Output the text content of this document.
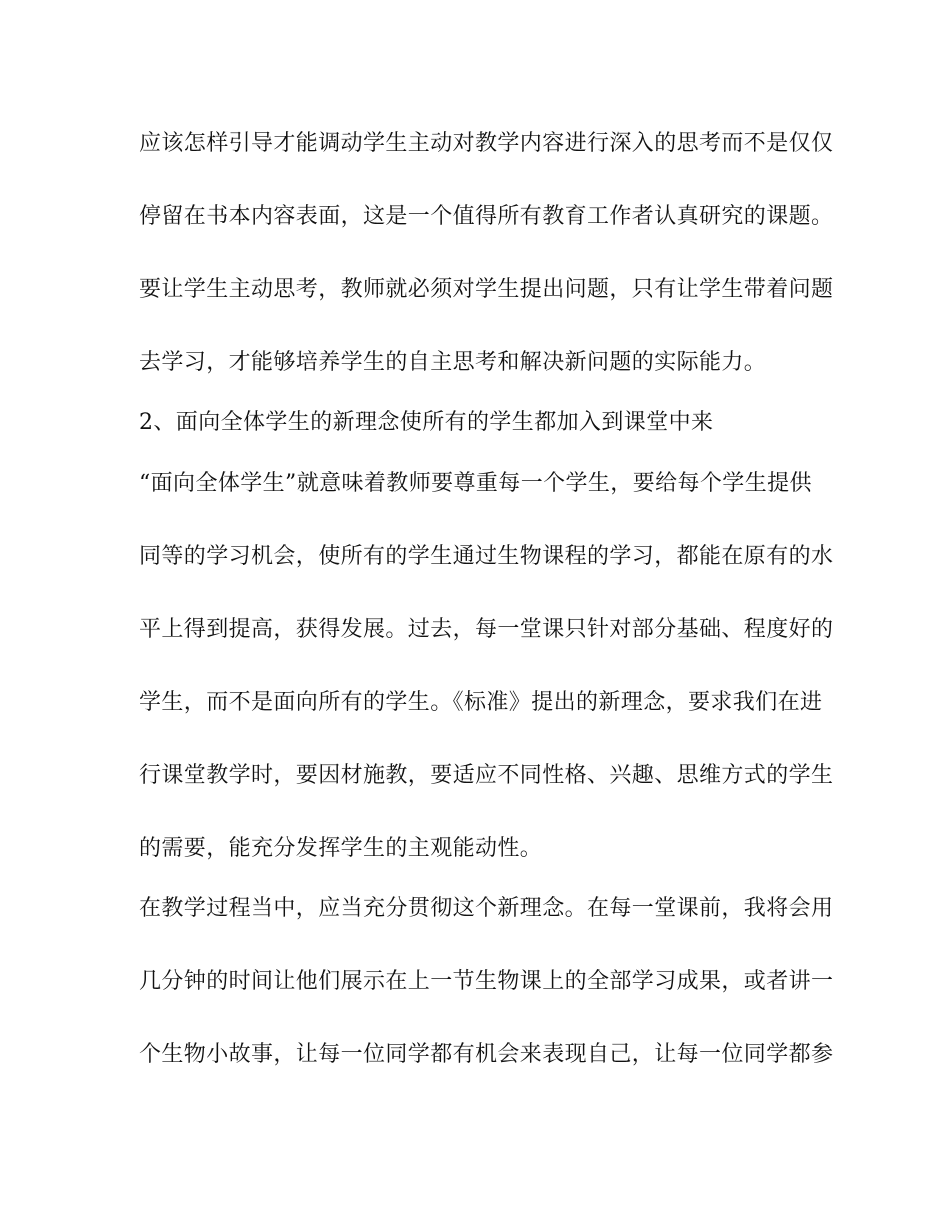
应该怎样引导才能调动学生主动对教学内容进行深入的思考而不是仅仅
停留在书本内容表面，这是一个值得所有教育工作者认真研究的课题。
要让学生主动思考，教师就必须对学生提出问题，只有让学生带着问题
去学习，才能够培养学生的自主思考和解决新问题的实际能力。
2、面向全体学生的新理念使所有的学生都加入到课堂中来
“面向全体学生”就意味着教师要尊重每一个学生，要给每个学生提供
同等的学习机会，使所有的学生通过生物课程的学习，都能在原有的水
平上得到提高，获得发展。过去，每一堂课只针对部分基础、程度好的
学生，而不是面向所有的学生。《标准》提出的新理念，要求我们在进
行课堂教学时，要因材施教，要适应不同性格、兴趣、思维方式的学生
的需要，能充分发挥学生的主观能动性。
在教学过程当中，应当充分贯彻这个新理念。在每一堂课前，我将会用
几分钟的时间让他们展示在上一节生物课上的全部学习成果，或者讲一
个生物小故事，让每一位同学都有机会来表现自己，让每一位同学都参
